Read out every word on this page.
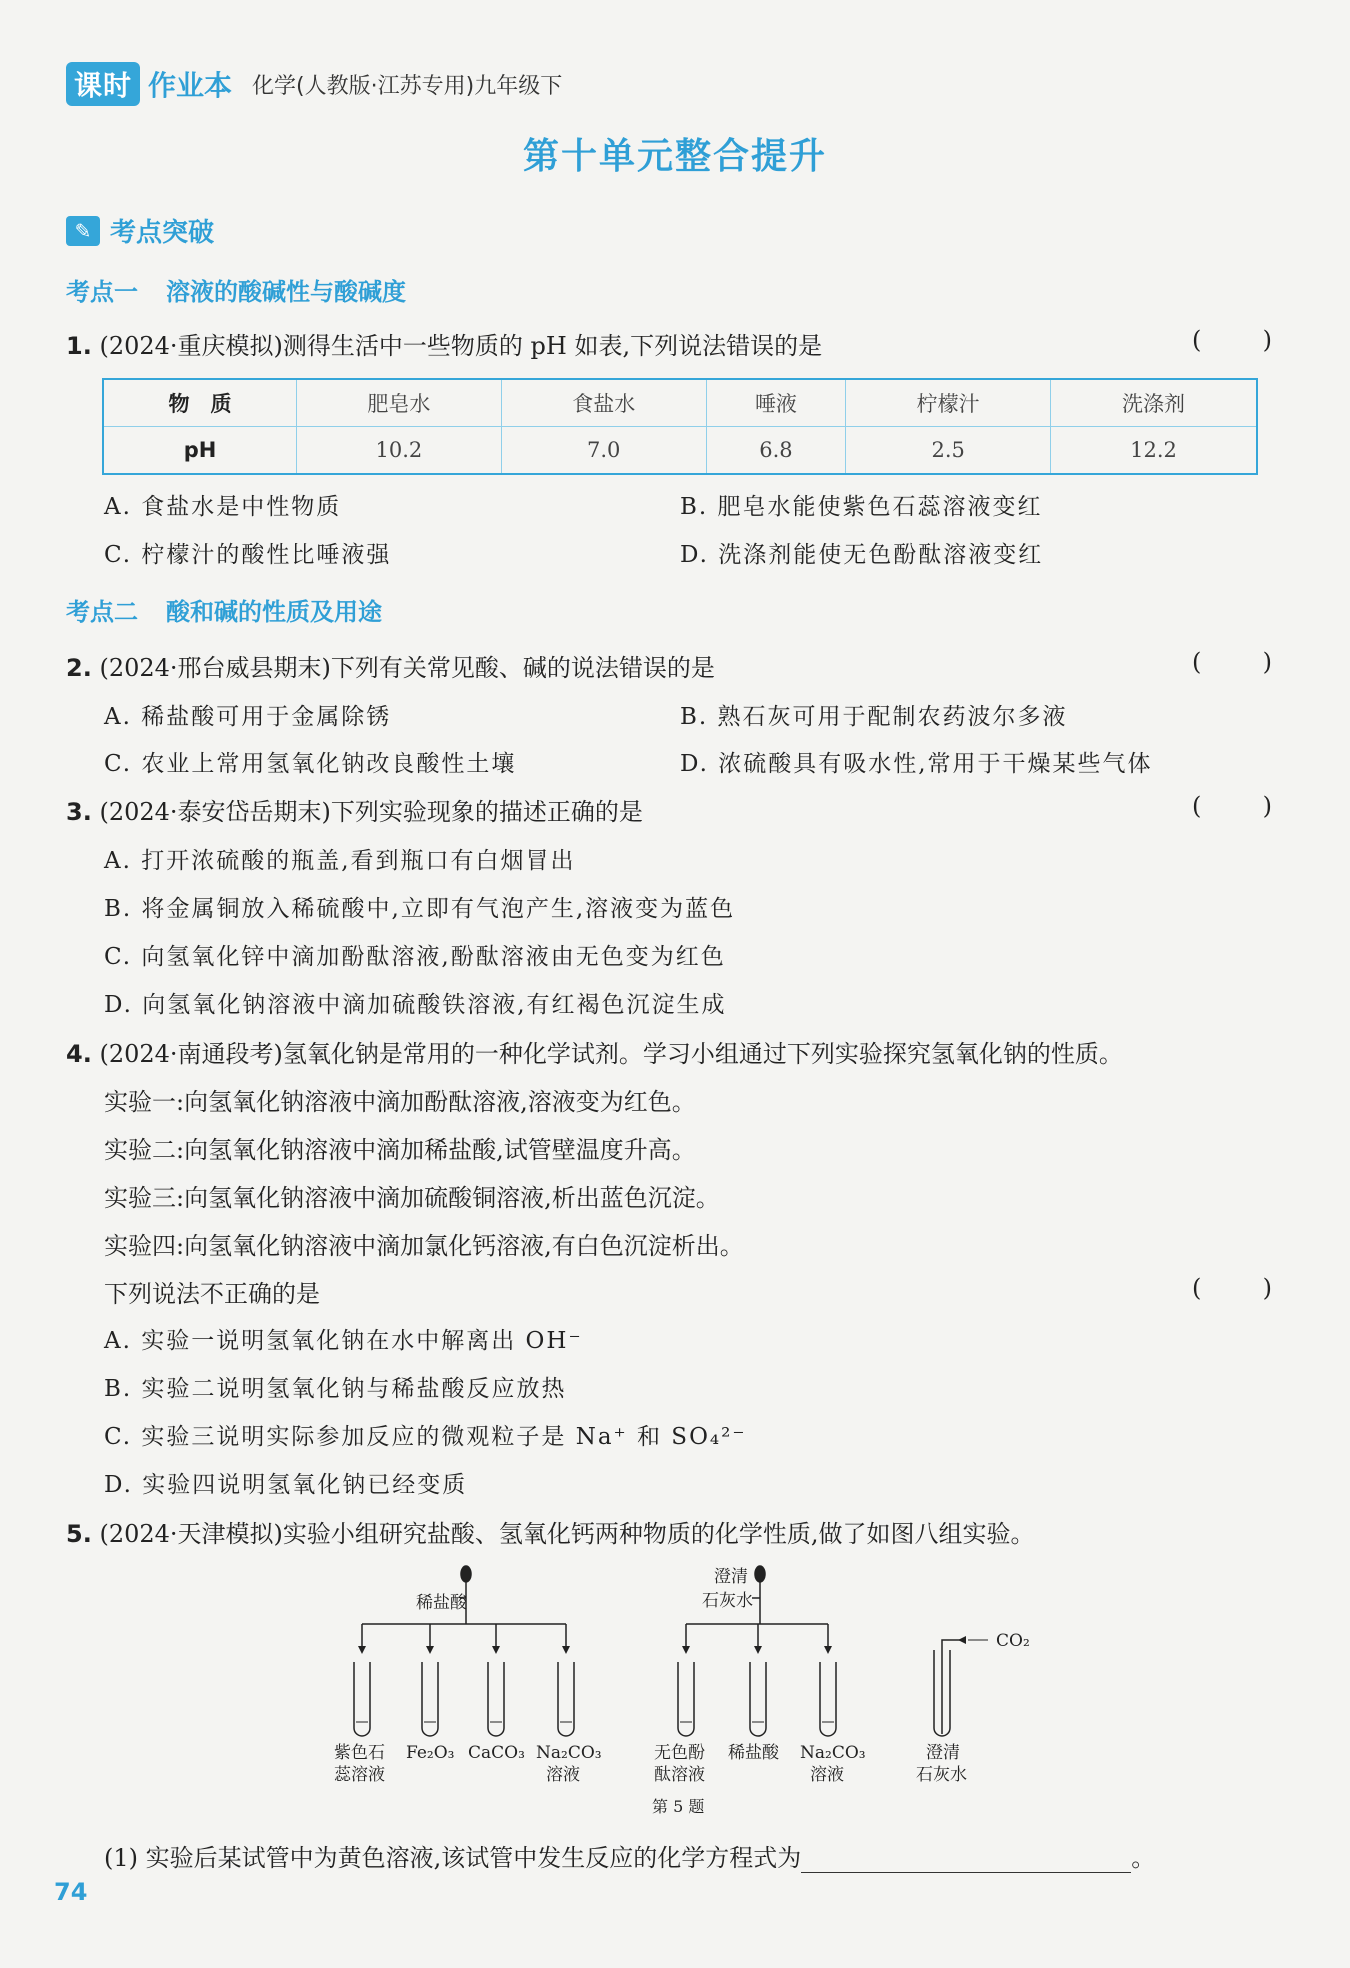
课时 作业本 化学(人教版·江苏专用)九年级下
第十单元整合提升
✎ 考点突破
考点一 溶液的酸碱性与酸碱度
1. (2024·重庆模拟)测得生活中一些物质的 pH 如表,下列说法错误的是	(	)
物　质	肥皂水	食盐水	唾液	柠檬汁	洗涤剂
pH	10.2	7.0	6.8	2.5	12.2
A. 食盐水是中性物质	B. 肥皂水能使紫色石蕊溶液变红
C. 柠檬汁的酸性比唾液强	D. 洗涤剂能使无色酚酞溶液变红
考点二 酸和碱的性质及用途
2. (2024·邢台威县期末)下列有关常见酸、碱的说法错误的是	(	)
A. 稀盐酸可用于金属除锈	B. 熟石灰可用于配制农药波尔多液
C. 农业上常用氢氧化钠改良酸性土壤	D. 浓硫酸具有吸水性,常用于干燥某些气体
3. (2024·泰安岱岳期末)下列实验现象的描述正确的是	(	)
A. 打开浓硫酸的瓶盖,看到瓶口有白烟冒出
B. 将金属铜放入稀硫酸中,立即有气泡产生,溶液变为蓝色
C. 向氢氧化锌中滴加酚酞溶液,酚酞溶液由无色变为红色
D. 向氢氧化钠溶液中滴加硫酸铁溶液,有红褐色沉淀生成
4. (2024·南通段考)氢氧化钠是常用的一种化学试剂。学习小组通过下列实验探究氢氧化钠的性质。
实验一:向氢氧化钠溶液中滴加酚酞溶液,溶液变为红色。
实验二:向氢氧化钠溶液中滴加稀盐酸,试管壁温度升高。
实验三:向氢氧化钠溶液中滴加硫酸铜溶液,析出蓝色沉淀。
实验四:向氢氧化钠溶液中滴加氯化钙溶液,有白色沉淀析出。
下列说法不正确的是	(	)
A. 实验一说明氢氧化钠在水中解离出 OH⁻
B. 实验二说明氢氧化钠与稀盐酸反应放热
C. 实验三说明实际参加反应的微观粒子是 Na⁺ 和 SO₄²⁻
D. 实验四说明氢氧化钠已经变质
5. (2024·天津模拟)实验小组研究盐酸、氢氧化钙两种物质的化学性质,做了如图八组实验。
稀盐酸
澄清
石灰水
紫色石
蕊溶液
Fe₂O₃ CaCO₃ Na₂CO₃
溶液
无色酚
酞溶液
稀盐酸 Na₂CO₃
溶液
CO₂
澄清
石灰水
第 5 题
(1) 实验后某试管中为黄色溶液,该试管中发生反应的化学方程式为	。
74
